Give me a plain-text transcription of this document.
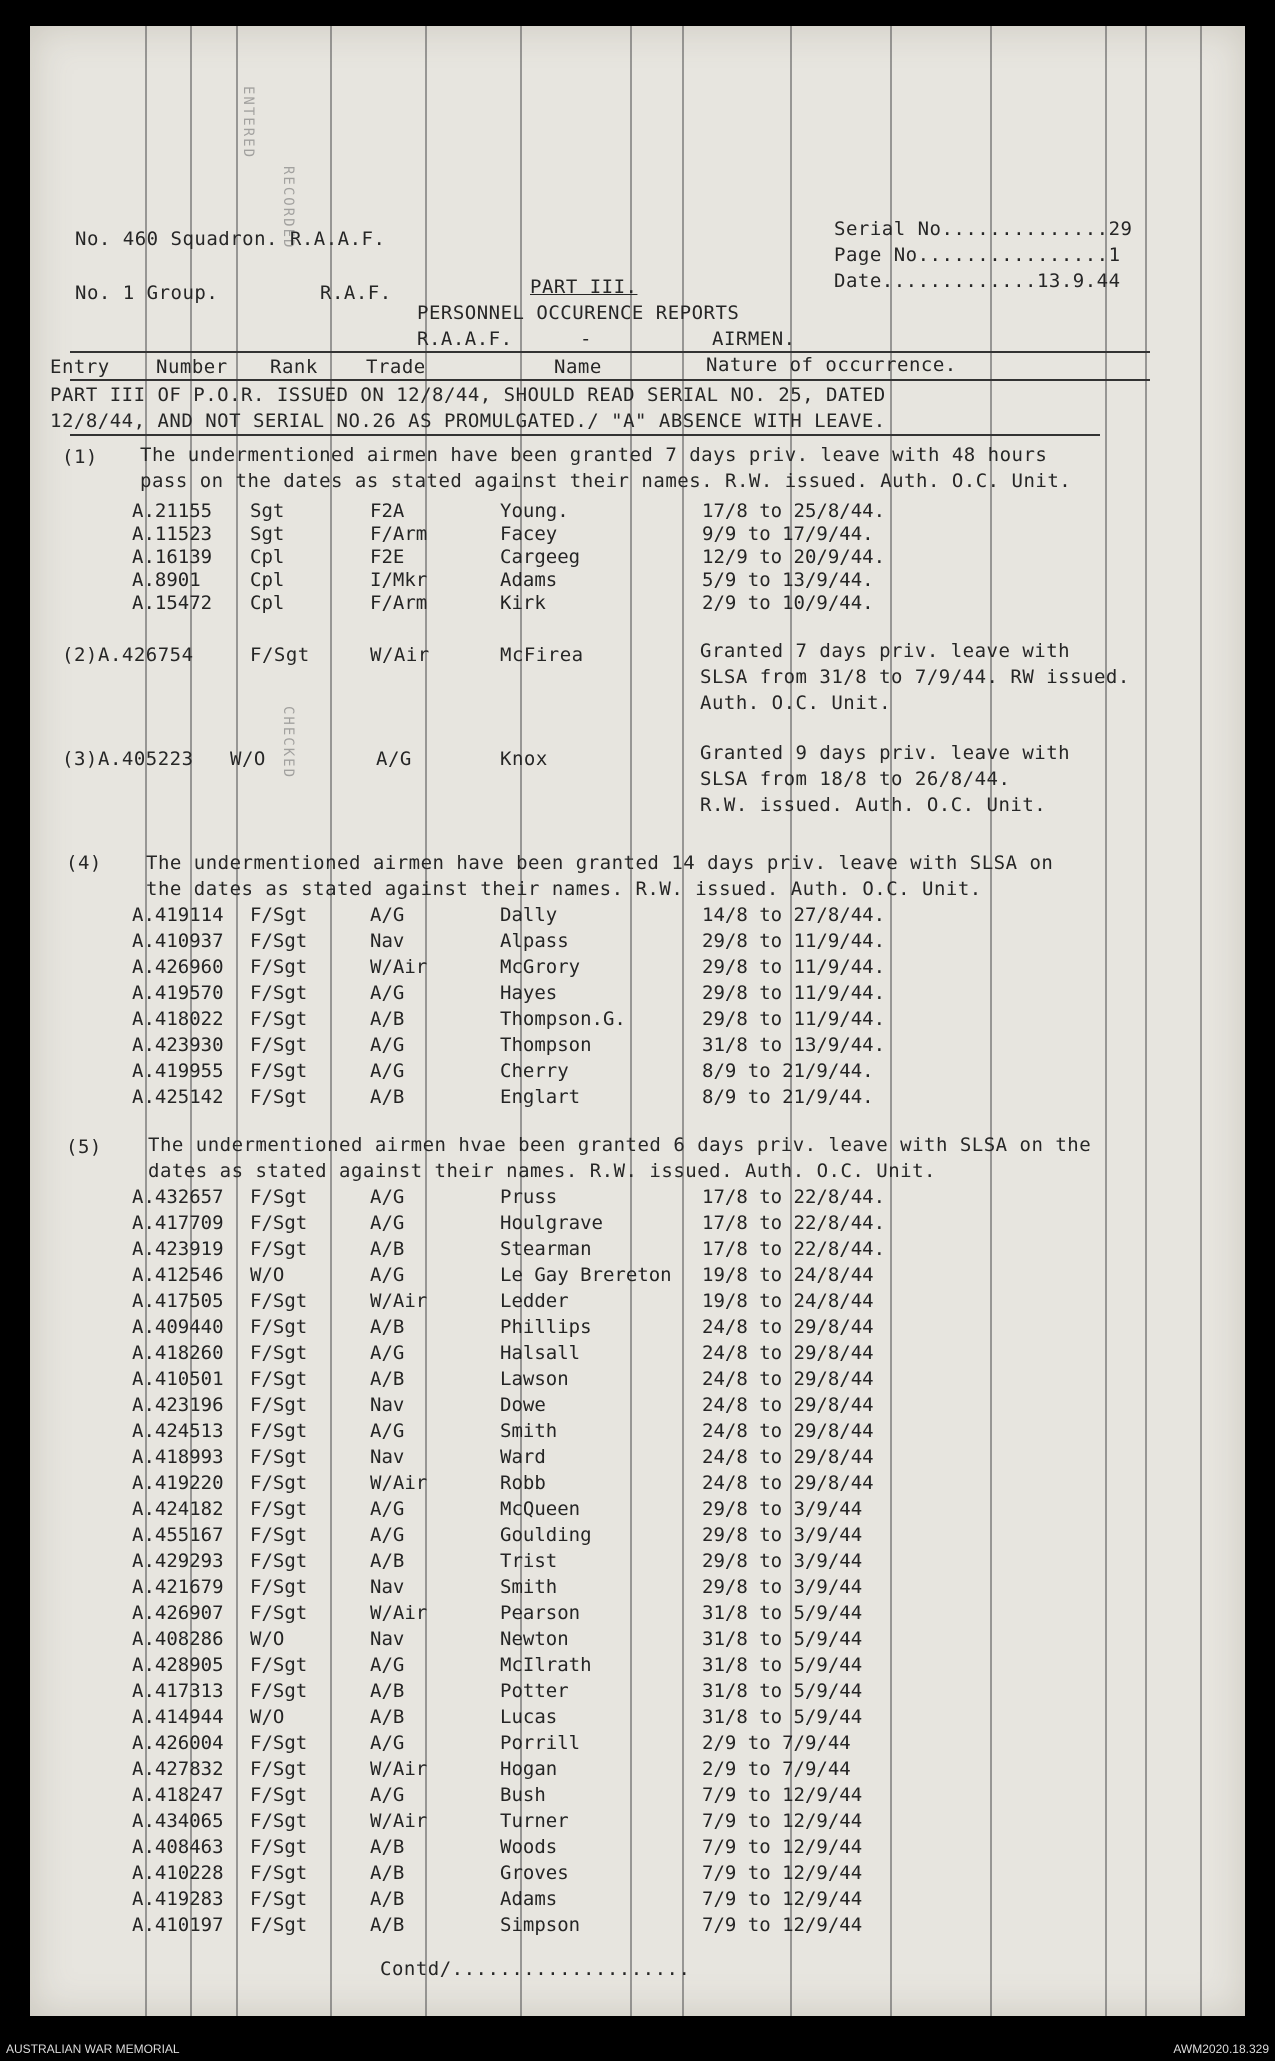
ENTERED
RECORDED
CHECKED
No. 460 Squadron. R.A.A.F.	Serial No..............29
Page No................1
Date.............13.9.44
No. 1 Group.	R.A.F.	PART III.
PERSONNEL OCCURENCE REPORTS
R.A.A.F.	-	AIRMEN.
Entry Number Rank	Trade	Name	Nature of occurrence.
PART III OF P.O.R. ISSUED ON 12/8/44, SHOULD READ SERIAL NO. 25, DATED
12/8/44, AND NOT SERIAL NO.26 AS PROMULGATED./ "A" ABSENCE WITH LEAVE.
(1) The undermentioned airmen have been granted 7 days priv. leave with 48 hours
pass on the dates as stated against their names. R.W. issued. Auth. O.C. Unit.
A.21155 Sgt	F2A	Young.	17/8 to 25/8/44.
A.11523 Sgt	F/Arm	Facey	9/9 to 17/9/44.
A.16139 Cpl	F2E	Cargeeg	12/9 to 20/9/44.
A.8901	Cpl	I/Mkr	Adams	5/9 to 13/9/44.
A.15472 Cpl	F/Arm	Kirk	2/9 to 10/9/44.
(2) A.426754	F/Sgt	W/Air	McFirea	Granted 7 days priv. leave with
SLSA from 31/8 to 7/9/44. RW issued.
Auth. O.C. Unit.
(3) A.405223 W/O	A/G	Knox	Granted 9 days priv. leave with
SLSA from 18/8 to 26/8/44.
R.W. issued. Auth. O.C. Unit.
(4) The undermentioned airmen have been granted 14 days priv. leave with SLSA on
the dates as stated against their names. R.W. issued. Auth. O.C. Unit.
A.419114 F/Sgt	A/G	Dally	14/8 to 27/8/44.
A.410937 F/Sgt	Nav	Alpass	29/8 to 11/9/44.
A.426960 F/Sgt	W/Air	McGrory	29/8 to 11/9/44.
A.419570 F/Sgt	A/G	Hayes	29/8 to 11/9/44.
A.418022 F/Sgt	A/B	Thompson.G.	29/8 to 11/9/44.
A.423930 F/Sgt	A/G	Thompson	31/8 to 13/9/44.
A.419955 F/Sgt	A/G	Cherry	8/9 to 21/9/44.
A.425142 F/Sgt	A/B	Englart	8/9 to 21/9/44.
(5) The undermentioned airmen hvae been granted 6 days priv. leave with SLSA on the
dates as stated against their names. R.W. issued. Auth. O.C. Unit.
A.432657 F/Sgt	A/G	Pruss	17/8 to 22/8/44.
A.417709 F/Sgt	A/G	Houlgrave	17/8 to 22/8/44.
A.423919 F/Sgt	A/B	Stearman	17/8 to 22/8/44.
A.412546 W/O	A/G	Le Gay Brereton 19/8 to 24/8/44
A.417505 F/Sgt	W/Air	Ledder	19/8 to 24/8/44
A.409440 F/Sgt	A/B	Phillips	24/8 to 29/8/44
A.418260 F/Sgt	A/G	Halsall	24/8 to 29/8/44
A.410501 F/Sgt	A/B	Lawson	24/8 to 29/8/44
A.423196 F/Sgt	Nav	Dowe	24/8 to 29/8/44
A.424513 F/Sgt	A/G	Smith	24/8 to 29/8/44
A.418993 F/Sgt	Nav	Ward	24/8 to 29/8/44
A.419220 F/Sgt	W/Air	Robb	24/8 to 29/8/44
A.424182 F/Sgt	A/G	McQueen	29/8 to 3/9/44
A.455167 F/Sgt	A/G	Goulding	29/8 to 3/9/44
A.429293 F/Sgt	A/B	Trist	29/8 to 3/9/44
A.421679 F/Sgt	Nav	Smith	29/8 to 3/9/44
A.426907 F/Sgt	W/Air	Pearson	31/8 to 5/9/44
A.408286 W/O	Nav	Newton	31/8 to 5/9/44
A.428905 F/Sgt	A/G	McIlrath	31/8 to 5/9/44
A.417313 F/Sgt	A/B	Potter	31/8 to 5/9/44
A.414944 W/O	A/B	Lucas	31/8 to 5/9/44
A.426004 F/Sgt	A/G	Porrill	2/9 to 7/9/44
A.427832 F/Sgt	W/Air	Hogan	2/9 to 7/9/44
A.418247 F/Sgt	A/G	Bush	7/9 to 12/9/44
A.434065 F/Sgt	W/Air	Turner	7/9 to 12/9/44
A.408463 F/Sgt	A/B	Woods	7/9 to 12/9/44
A.410228 F/Sgt	A/B	Groves	7/9 to 12/9/44
A.419283 F/Sgt	A/B	Adams	7/9 to 12/9/44
A.410197 F/Sgt	A/B	Simpson	7/9 to 12/9/44
Contd/....................
AUSTRALIAN WAR MEMORIAL	AWM2020.18.329
